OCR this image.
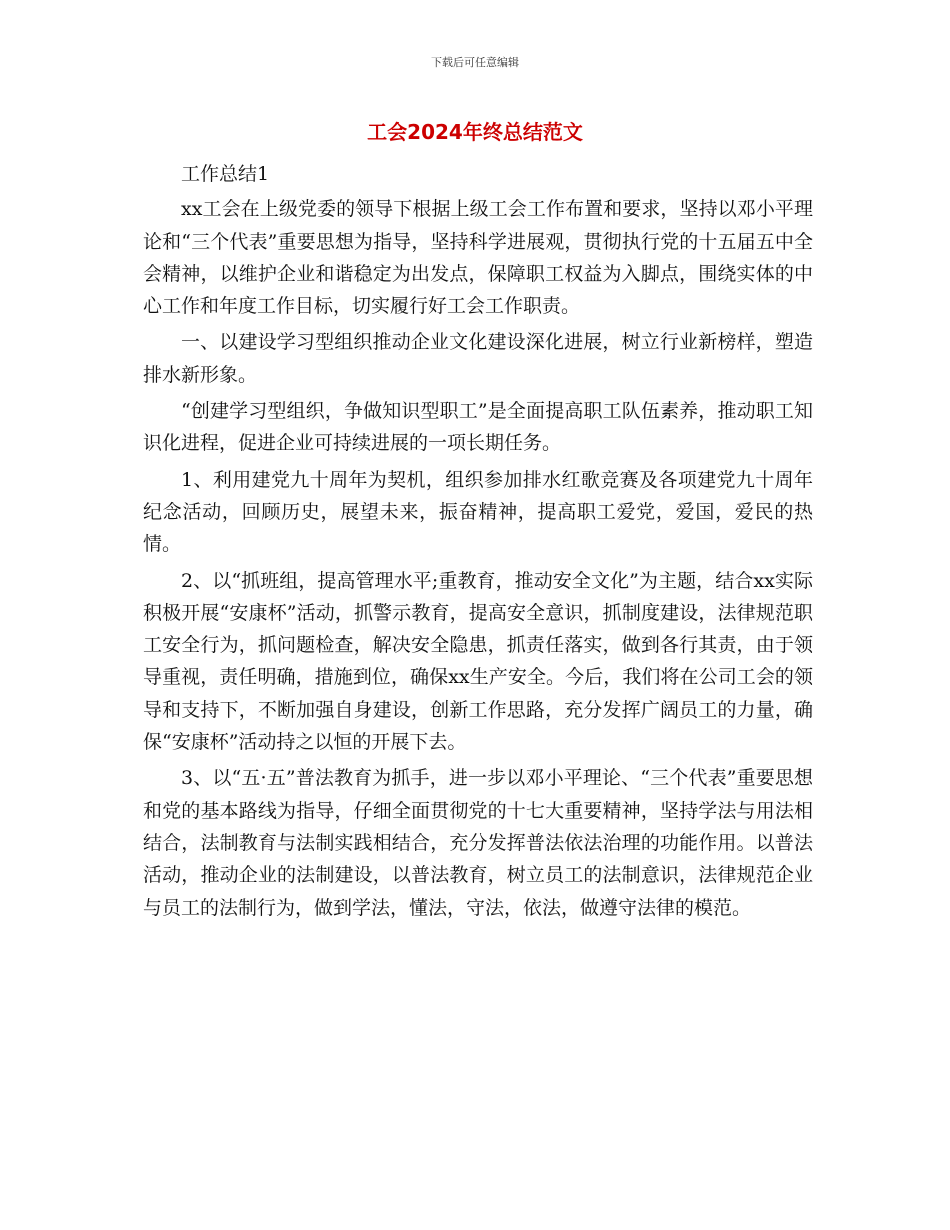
下载后可任意编辑
工会2024年终总结范文

工作总结1

xx工会在上级党委的领导下根据上级工会工作布置和要求，坚持以邓小平理论和“三个代表”重要思想为指导，坚持科学进展观，贯彻执行党的十五届五中全会精神，以维护企业和谐稳定为出发点，保障职工权益为入脚点，围绕实体的中心工作和年度工作目标，切实履行好工会工作职责。

一、以建设学习型组织推动企业文化建设深化进展，树立行业新榜样，塑造排水新形象。

“创建学习型组织，争做知识型职工”是全面提高职工队伍素养，推动职工知识化进程，促进企业可持续进展的一项长期任务。

1、利用建党九十周年为契机，组织参加排水红歌竞赛及各项建党九十周年纪念活动，回顾历史，展望未来，振奋精神，提高职工爱党，爱国，爱民的热情。

2、以“抓班组，提高管理水平;重教育，推动安全文化”为主题，结合xx实际积极开展“安康杯”活动，抓警示教育，提高安全意识，抓制度建设，法律规范职工安全行为，抓问题检查，解决安全隐患，抓责任落实，做到各行其责，由于领导重视，责任明确，措施到位，确保xx生产安全。今后，我们将在公司工会的领导和支持下，不断加强自身建设，创新工作思路，充分发挥广阔员工的力量，确保“安康杯”活动持之以恒的开展下去。

3、以“五·五”普法教育为抓手，进一步以邓小平理论、“三个代表”重要思想和党的基本路线为指导，仔细全面贯彻党的十七大重要精神，坚持学法与用法相结合，法制教育与法制实践相结合，充分发挥普法依法治理的功能作用。以普法活动，推动企业的法制建设，以普法教育，树立员工的法制意识，法律规范企业与员工的法制行为，做到学法，懂法，守法，依法，做遵守法律的模范。
